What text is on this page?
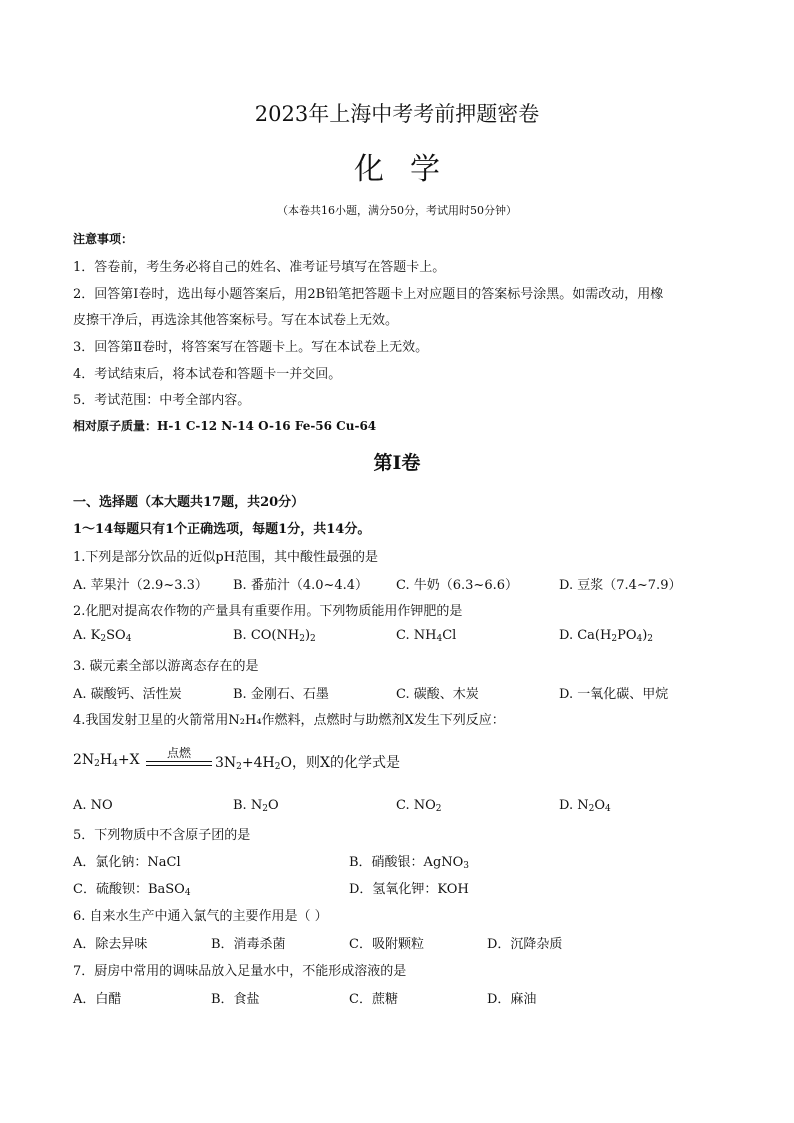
2023年上海中考考前押题密卷
化学
（本卷共16小题，满分50分，考试用时50分钟）
注意事项：
1．答卷前，考生务必将自己的姓名、准考证号填写在答题卡上。
2．回答第Ⅰ卷时，选出每小题答案后，用2B铅笔把答题卡上对应题目的答案标号涂黑。如需改动，用橡
皮擦干净后，再选涂其他答案标号。写在本试卷上无效。
3．回答第Ⅱ卷时，将答案写在答题卡上。写在本试卷上无效。
4．考试结束后，将本试卷和答题卡一并交回。
5．考试范围：中考全部内容。
相对原子质量：H-1 C-12 N-14 O-16 Fe-56 Cu-64
第Ⅰ卷
一、选择题（本大题共17题，共20分）
1～14每题只有1个正确选项，每题1分，共14分。
1.下列是部分饮品的近似pH范围，其中酸性最强的是
A. 苹果汁（2.9~3.3） B. 番茄汁（4.0~4.4） C. 牛奶（6.3~6.6）	D. 豆浆（7.4~7.9）
2.化肥对提高农作物的产量具有重要作用。下列物质能用作钾肥的是
A. $K_2SO_4$	B. $CO(NH_2)_2$	C. $NH_4Cl$	D. $Ca(H_2PO_4)_2$
3. 碳元素全部以游离态存在的是
A. 碳酸钙、活性炭	B. 金刚石、石墨	C. 碳酸、木炭	D. 一氧化碳、甲烷
4.我国发射卫星的火箭常用N₂H₄作燃料，点燃时与助燃剂X发生下列反应：
$2N_2H_4+X$	点燃
$3N_2+4H_2O$，则X的化学式是
A. NO	B. $N_2O$	C. $NO_2$	D. $N_2O_4$
5．下列物质中不含原子团的是
A．氯化钠：NaCl	B．硝酸银：AgNO$_3$
C．硫酸钡：BaSO$_4$	D．氢氧化钾：KOH
6. 自来水生产中通入氯气的主要作用是（ ）
A．除去异味	B．消毒杀菌	C．吸附颗粒	D．沉降杂质
7．厨房中常用的调味品放入足量水中，不能形成溶液的是
A．白醋	B．食盐	C．蔗糖	D．麻油
